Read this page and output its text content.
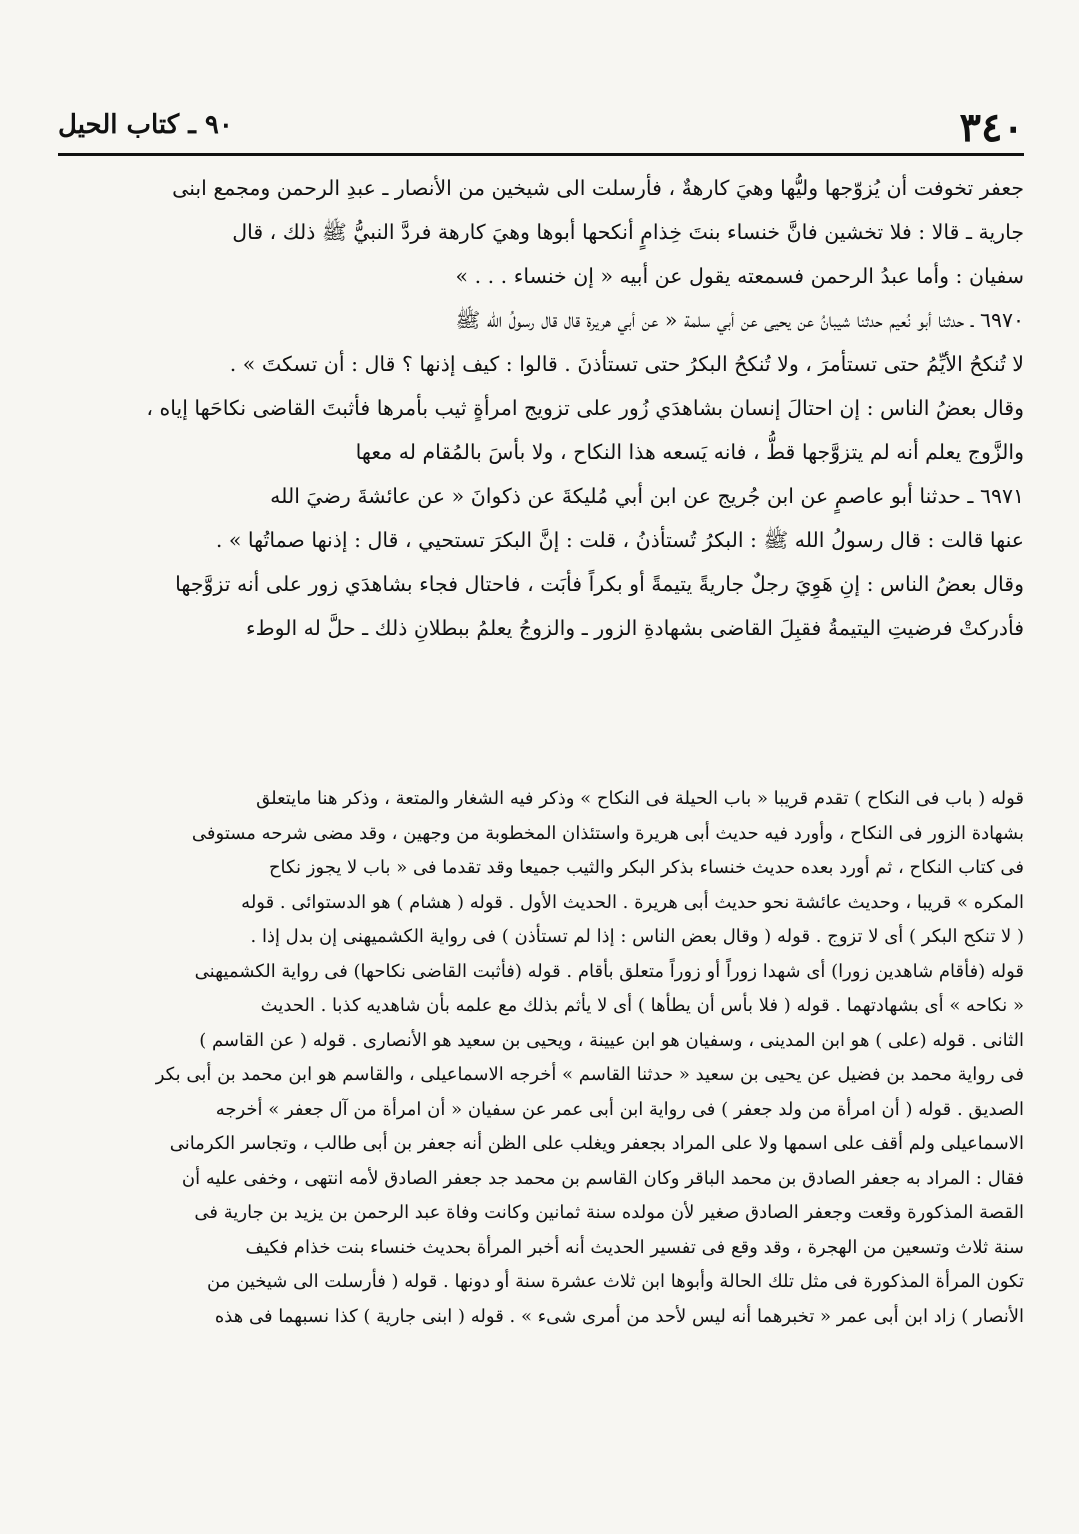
٣٤٠
٩٠ ـ كتاب الحيل
جعفر تخوفت أن يُزوّجها وليُّها وهيَ كارهةٌ ، فأرسلت الى شيخين من الأنصار ـ عبدِ الرحمن ومجمع ابنى
جارية ـ قالا : فلا تخشين فانَّ خنساء بنتَ خِذامٍ أنكحها أبوها وهيَ كارهة فردَّ النبيُّ ﷺ ذلك ، قال
سفيان : وأما عبدُ الرحمن فسمعته يقول عن أبيه « إن خنساء . . . »
٦٩٧٠ ـ حدثنا أبو نُعيم حدثنا شيبانُ عن يحيى عن أبي سلمة « عن أبي هريرة قال قال رسولُ الله ﷺ
لا تُنكحُ الأيِّمُ حتى تستأمرَ ، ولا تُنكحُ البكرُ حتى تستأذنَ . قالوا : كيف إذنها ؟ قال : أن تسكتَ » .
وقال بعضُ الناس : إن احتالَ إنسان بشاهدَي زُور على تزويج امرأةٍ ثيب بأمرها فأثبتَ القاضى نكاحَها إياه ،
والزَّوج يعلم أنه لم يتزوَّجها قطُّ ، فانه يَسعه هذا النكاح ، ولا بأسَ بالمُقام له معها
٦٩٧١ ـ حدثنا أبو عاصمٍ عن ابن جُريج عن ابن أبي مُليكةَ عن ذكوانَ « عن عائشةَ رضيَ الله
عنها قالت : قال رسولُ الله ﷺ : البكرُ تُستأذنُ ، قلت : إنَّ البكرَ تستحيي ، قال : إذنها صماتُها » .
وقال بعضُ الناس : إنِ هَوِيَ رجلٌ جاريةً يتيمةً أو بكراً فأبَت ، فاحتال فجاء بشاهدَي زور على أنه تزوَّجها
فأدركتْ فرضيتِ اليتيمةُ فقبِلَ القاضى بشهادةِ الزور ـ والزوجُ يعلمُ ببطلانِ ذلك ـ حلَّ له الوطء
قوله ( باب فى النكاح ) تقدم قريبا « باب الحيلة فى النكاح » وذكر فيه الشغار والمتعة ، وذكر هنا مايتعلق
بشهادة الزور فى النكاح ، وأورد فيه حديث أبى هريرة واستئذان المخطوبة من وجهين ، وقد مضى شرحه مستوفى
فى كتاب النكاح ، ثم أورد بعده حديث خنساء بذكر البكر والثيب جميعا وقد تقدما فى « باب لا يجوز نكاح
المكره » قريبا ، وحديث عائشة نحو حديث أبى هريرة . الحديث الأول . قوله ( هشام ) هو الدستوائى . قوله
( لا تنكح البكر ) أى لا تزوج . قوله ( وقال بعض الناس : إذا لم تستأذن ) فى رواية الكشميهنى إن بدل إذا .
قوله (فأقام شاهدين زورا) أى شهدا زوراً أو زوراً متعلق بأقام . قوله (فأثبت القاضى نكاحها) فى رواية الكشميهنى
« نكاحه » أى بشهادتهما . قوله ( فلا بأس أن يطأها ) أى لا يأثم بذلك مع علمه بأن شاهديه كذبا . الحديث
الثانى . قوله (على ) هو ابن المدينى ، وسفيان هو ابن عيينة ، ويحيى بن سعيد هو الأنصارى . قوله ( عن القاسم )
فى رواية محمد بن فضيل عن يحيى بن سعيد « حدثنا القاسم » أخرجه الاسماعيلى ، والقاسم هو ابن محمد بن أبى بكر
الصديق . قوله ( أن امرأة من ولد جعفر ) فى رواية ابن أبى عمر عن سفيان « أن امرأة من آل جعفر » أخرجه
الاسماعيلى ولم أقف على اسمها ولا على المراد بجعفر ويغلب على الظن أنه جعفر بن أبى طالب ، وتجاسر الكرمانى
فقال : المراد به جعفر الصادق بن محمد الباقر وكان القاسم بن محمد جد جعفر الصادق لأمه انتهى ، وخفى عليه أن
القصة المذكورة وقعت وجعفر الصادق صغير لأن مولده سنة ثمانين وكانت وفاة عبد الرحمن بن يزيد بن جارية فى
سنة ثلاث وتسعين من الهجرة ، وقد وقع فى تفسير الحديث أنه أخبر المرأة بحديث خنساء بنت خذام فكيف
تكون المرأة المذكورة فى مثل تلك الحالة وأبوها ابن ثلاث عشرة سنة أو دونها . قوله ( فأرسلت الى شيخين من
الأنصار ) زاد ابن أبى عمر « تخبرهما أنه ليس لأحد من أمرى شىء » . قوله ( ابنى جارية ) كذا نسبهما فى هذه
